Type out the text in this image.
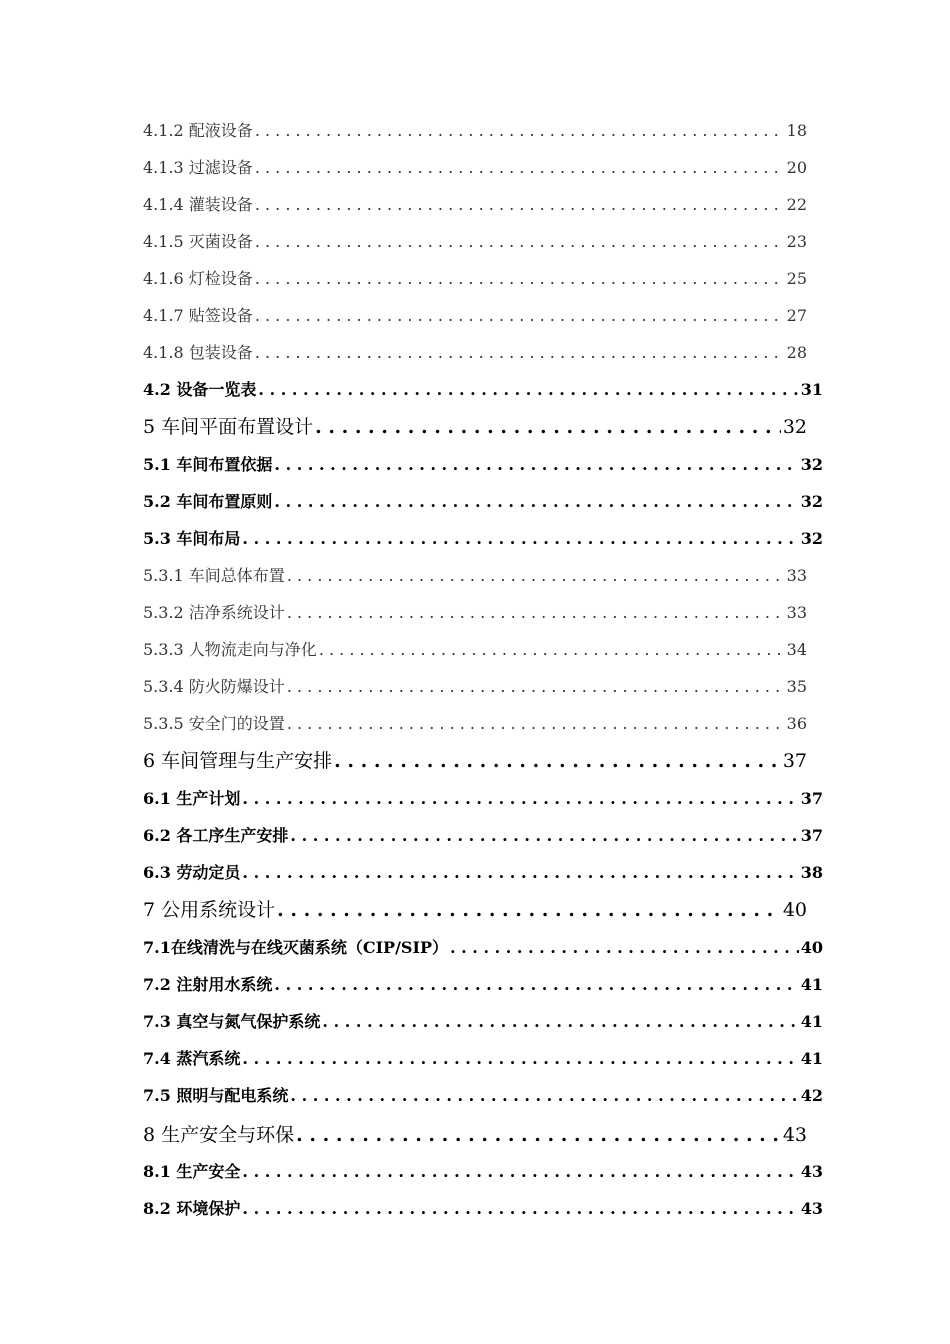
4.1.2 配液设备 . . .	18
4.1.3 过滤设备 . . .	20
4.1.4 灌装设备 . . .	22
4.1.5 灭菌设备 . . .	23
4.1.6 灯检设备 . . .	25
4.1.7 贴签设备 . . .	27
4.1.8 包装设备 . . .	28
4.2 设备一览表 . . .	31
5 车间平面布置设计 . . .	32
5.1 车间布置依据 . . .	32
5.2 车间布置原则 . . .	32
5.3 车间布局 . . .	32
5.3.1 车间总体布置 . . .	33
5.3.2 洁净系统设计 . . .	33
5.3.3 人物流走向与净化 . . .	34
5.3.4 防火防爆设计 . . .	35
5.3.5 安全门的设置 . . .	36
6 车间管理与生产安排 . . .	37
6.1 生产计划 . . .	37
6.2 各工序生产安排 . . .	37
6.3 劳动定员 . . .	38
7 公用系统设计 . . .	40
7.1在线清洗与在线灭菌系统（CIP/SIP） . . .	40
7.2 注射用水系统 . . .	41
7.3 真空与氮气保护系统 . . .	41
7.4 蒸汽系统 . . .	41
7.5 照明与配电系统 . . .	42
8 生产安全与环保 . . .	43
8.1 生产安全 . . .	43
8.2 环境保护 . . .	43
